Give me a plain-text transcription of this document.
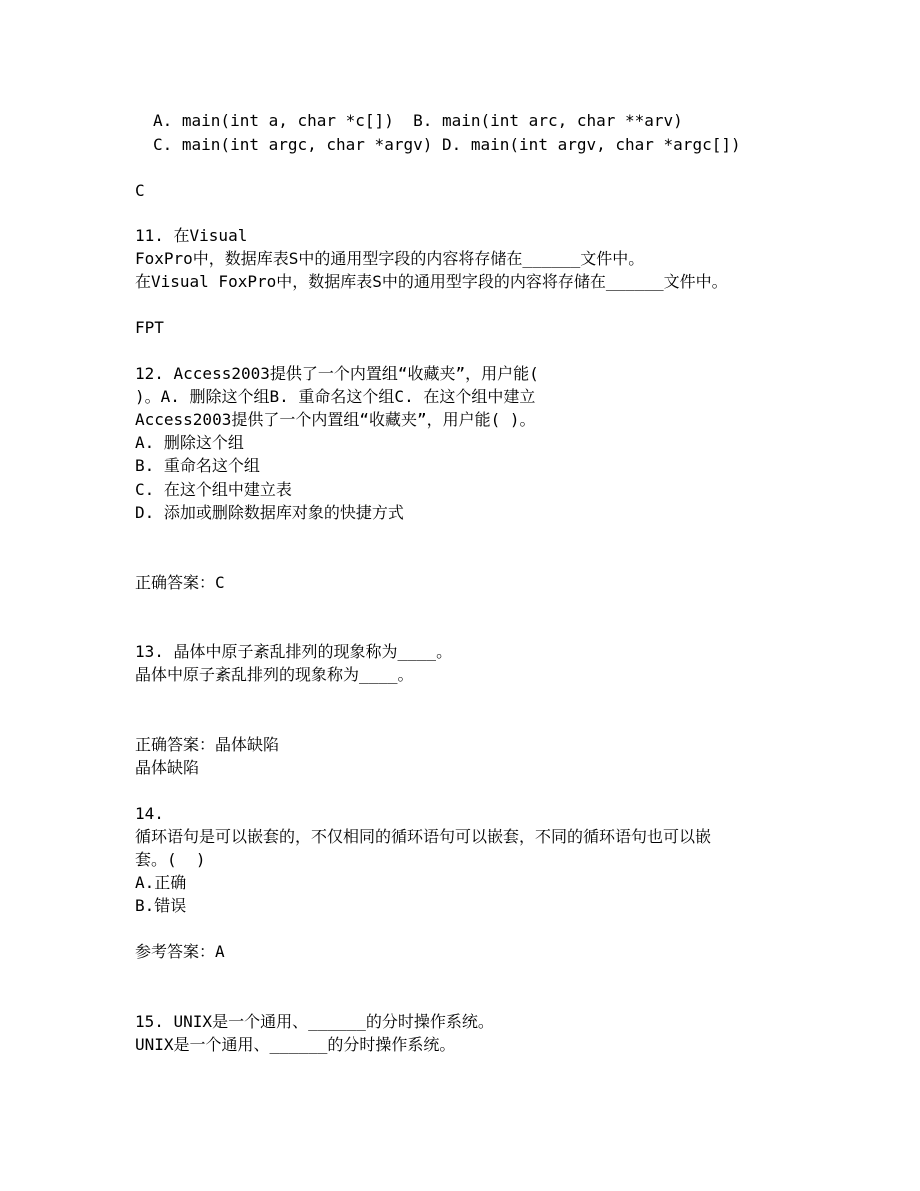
A. main(int a, char *c[])  B. main(int arc, char **arv)
C. main(int argc, char *argv) D. main(int argv, char *argc[])
C
11. 在Visual
FoxPro中，数据库表S中的通用型字段的内容将存储在______文件中。
在Visual FoxPro中，数据库表S中的通用型字段的内容将存储在______文件中。
FPT
12. Access2003提供了一个内置组“收藏夹”，用户能(
)。A. 删除这个组B. 重命名这个组C. 在这个组中建立
Access2003提供了一个内置组“收藏夹”，用户能( )。
A. 删除这个组
B. 重命名这个组
C. 在这个组中建立表
D. 添加或删除数据库对象的快捷方式
正确答案：C
13. 晶体中原子紊乱排列的现象称为____。
晶体中原子紊乱排列的现象称为____。
正确答案：晶体缺陷
晶体缺陷
14.
循环语句是可以嵌套的，不仅相同的循环语句可以嵌套，不同的循环语句也可以嵌
套。(  )
A.正确
B.错误
参考答案：A
15. UNIX是一个通用、______的分时操作系统。
UNIX是一个通用、______的分时操作系统。
